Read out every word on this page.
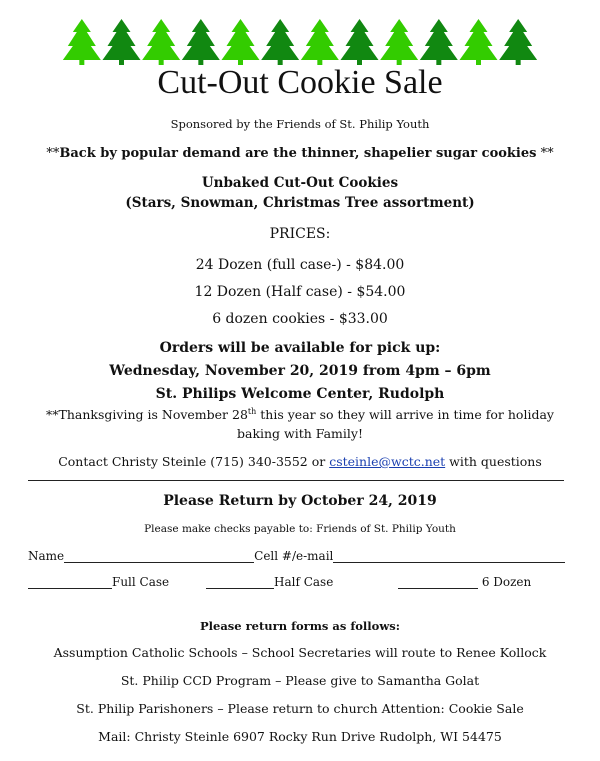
Cut-Out Cookie Sale
Sponsored by the Friends of St. Philip Youth
**Back by popular demand are the thinner, shapelier sugar cookies **
Unbaked Cut-Out Cookies
(Stars, Snowman, Christmas Tree assortment)
PRICES:
24 Dozen (full case-) - $84.00
12 Dozen (Half case) - $54.00
6 dozen cookies - $33.00
Orders will be available for pick up:
Wednesday, November 20, 2019 from 4pm – 6pm
St. Philips Welcome Center, Rudolph
**Thanksgiving is November 28th this year so they will arrive in time for holiday
baking with Family!
Contact Christy Steinle (715) 340-3552 or csteinle@wctc.net with questions
Please Return by October 24, 2019
Please make checks payable to: Friends of St. Philip Youth
Name	Cell #/e-mail
Full Case	Half Case	6 Dozen
Please return forms as follows:
Assumption Catholic Schools – School Secretaries will route to Renee Kollock
St. Philip CCD Program – Please give to Samantha Golat
St. Philip Parishoners – Please return to church Attention: Cookie Sale
Mail: Christy Steinle 6907 Rocky Run Drive Rudolph, WI 54475
